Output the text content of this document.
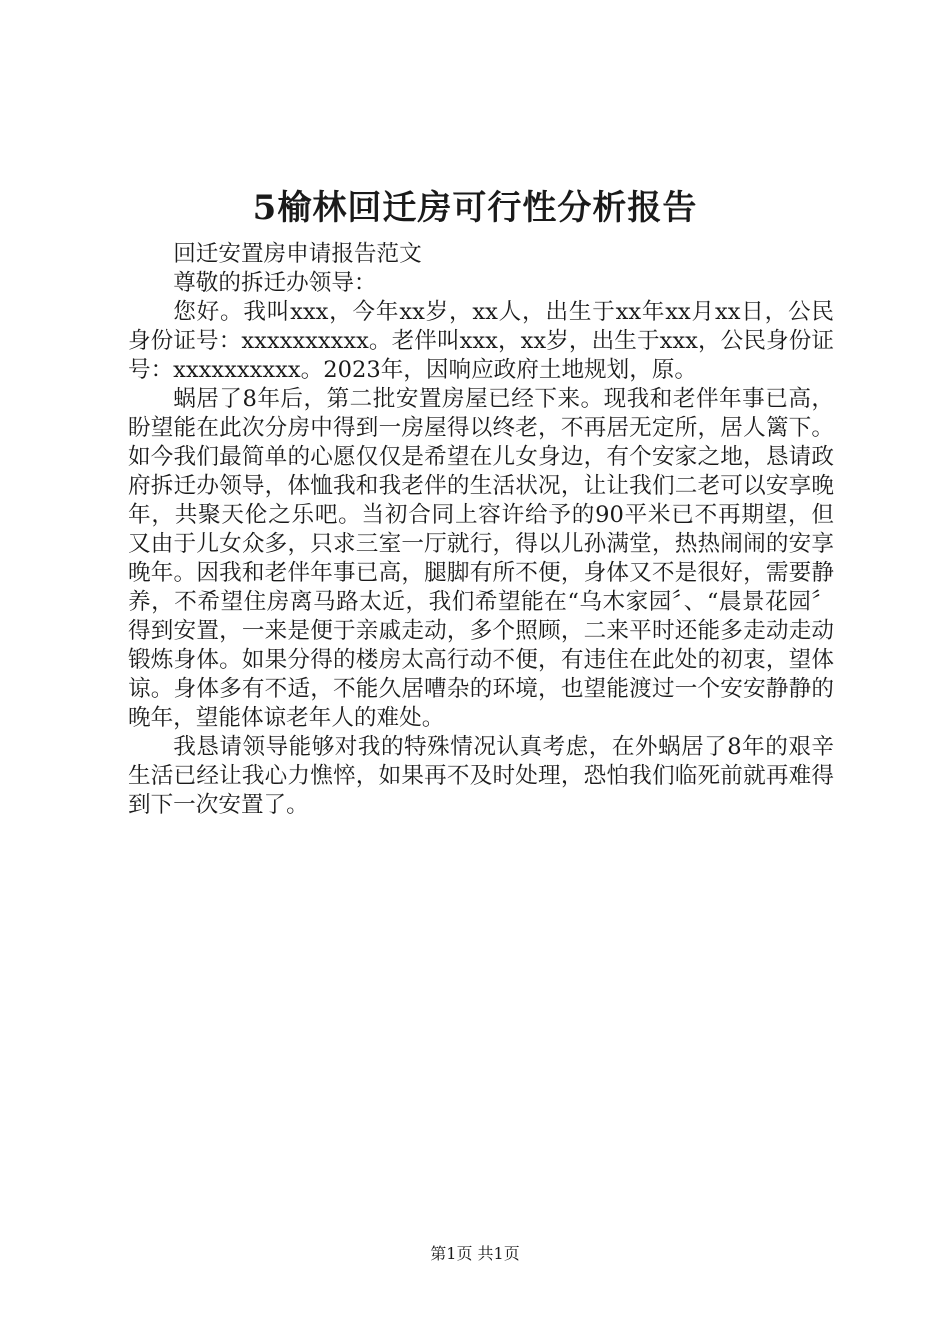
5榆林回迁房可行性分析报告

回迁安置房申请报告范文

尊敬的拆迁办领导：

您好。我叫xxx，今年xx岁，xx人，出生于xx年xx月xx日，公民身份证号：xxxxxxxxxx。老伴叫xxx，xx岁，出生于xxx，公民身份证号：xxxxxxxxxx。2023年，因响应政府土地规划，原。

蜗居了8年后，第二批安置房屋已经下来。现我和老伴年事已高，盼望能在此次分房中得到一房屋得以终老，不再居无定所，居人篱下。如今我们最简单的心愿仅仅是希望在儿女身边，有个安家之地，恳请政府拆迁办领导，体恤我和我老伴的生活状况，让让我们二老可以安享晚年，共聚天伦之乐吧。当初合同上容许给予的90平米已不再期望，但又由于儿女众多，只求三室一厅就行，得以儿孙满堂，热热闹闹的安享晚年。因我和老伴年事已高，腿脚有所不便，身体又不是很好，需要静养，不希望住房离马路太近，我们希望能在“乌木家园〞、“晨景花园〞得到安置，一来是便于亲戚走动，多个照顾，二来平时还能多走动走动锻炼身体。如果分得的楼房太高行动不便，有违住在此处的初衷，望体谅。身体多有不适，不能久居嘈杂的环境，也望能渡过一个安安静静的晚年，望能体谅老年人的难处。

我恳请领导能够对我的特殊情况认真考虑，在外蜗居了8年的艰辛生活已经让我心力憔悴，如果再不及时处理，恐怕我们临死前就再难得到下一次安置了。

第1页 共1页
